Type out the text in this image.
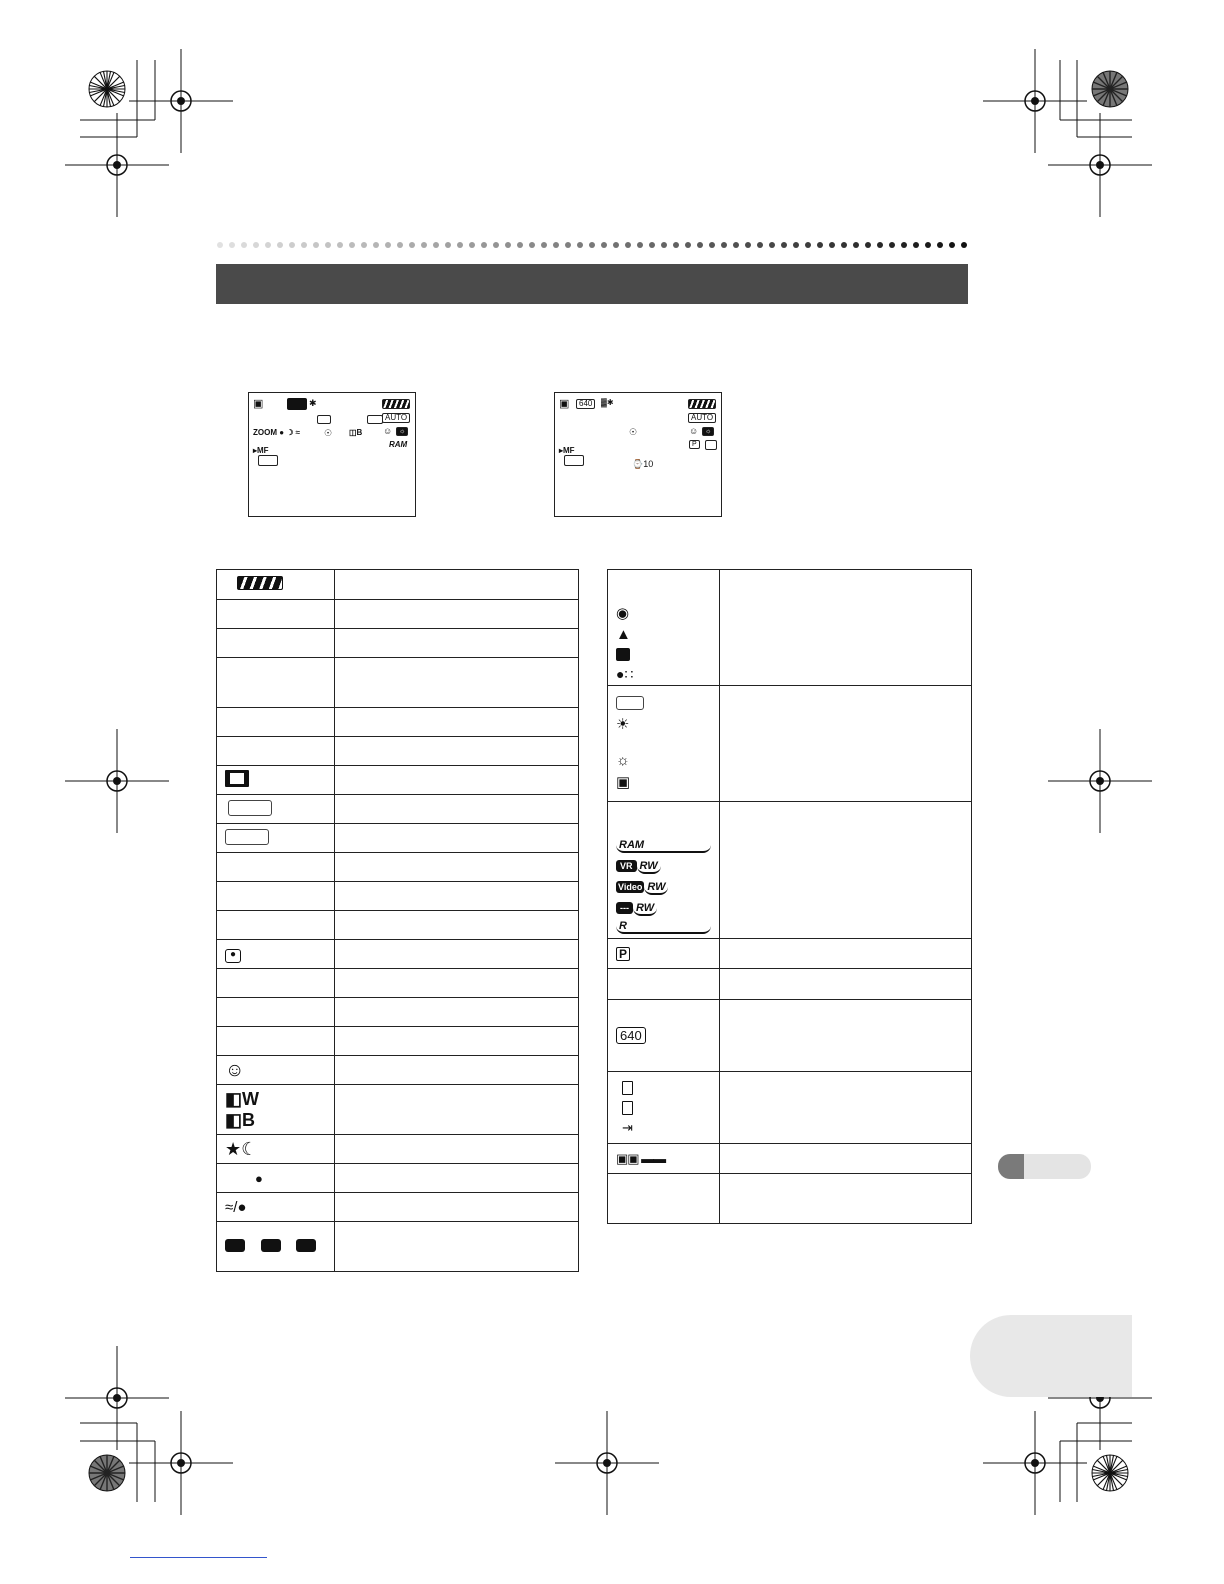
▣	✱
AUTO
ZOOM ● ☽ ≈	☉ ◫B ☺ ☼
RAM
▸MF
▣	640	▓✱
AUTO
☉	☺ ☼
P
▸MF
⌚10

●	

☺	

◧W
◧B	

★☾	
●	
≈/●	

◉
▲
●∷	

☀
☼
▣	

RAM
VR RW
Video RW
--- RW
R	

P	

640	

⇥	

▣▣ ▬▬	
